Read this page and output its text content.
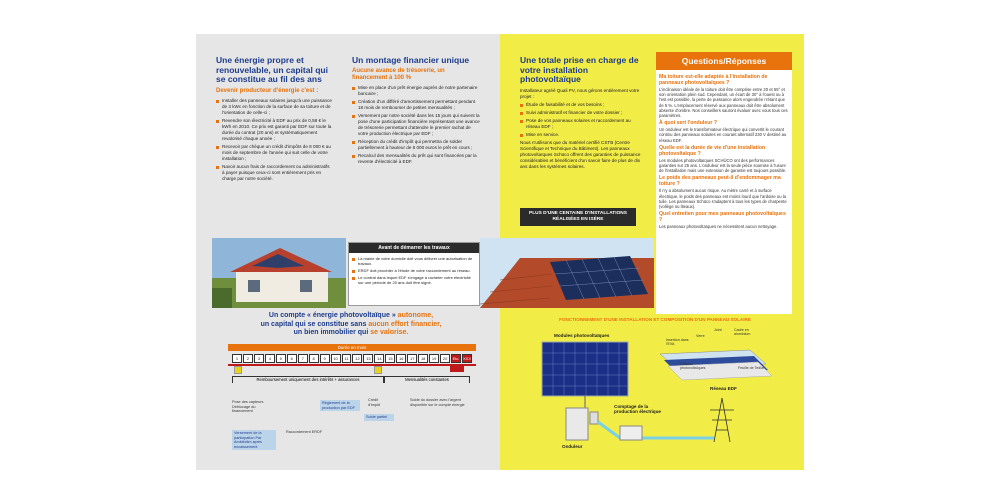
Une énergie propre et renouvelable, un capital qui se constitue au fil des ans

Devenir producteur d'énergie c'est :

Installer des panneaux solaires jusqu'à une puissance de 3 kWc en fonction de la surface de sa toiture et de l'orientation de celle-ci ;
Revendre son électricité à EDF au prix de 0,58 € le kWh en 2010. Ce prix est garanti par EDF sur toute la durée du contrat (20 ans) et systématiquement revalorisé chaque année ;
Recevoir par chèque un crédit d'impôts de 8 000 € au mois de septembre de l'année qui suit celle de votre installation ;
Navoir aucun frais de raccordement ou administratifs à payer puisque ceux-ci sont entièrement pris en charge par notre société.

Un montage financier unique

Aucune avance de trésorerie, un financement à 100 %

Mise en place d'un prêt énergie auprès de notre partenaire bancaire ;
Création d'un différé d'amortissement permettant pendant 18 mois de rembourser de petites mensualités ;
Versement par notre société dans les 15 jours qui suivent la pose d'une participation financière représentant une avance de trésorerie permettant d'attendre le premier rachat de votre production électrique par EDF ;
Réception du crédit d'impôt qui permettra de solder partiellement à hauteur de 8 000 euros le prêt en cours ;
Recalcul des mensualités du prêt qui sont financées par la revente d'électricité à EDF.
Avant de démarrer les travaux
La mairie de votre domicile doit vous délivrer une autorisation de travaux.
ERDF doit procéder à l'étude de votre raccordement au réseau.
Le contrat dans lequel EDF s'engage à racheter votre électricité sur une période de 20 ans doit être signé.
Un compte « énergie photovoltaïque » autonome,
un capital qui se constitue sans aucun effort financier,
un bien immobilier qui se valorise.
Durée en mois
1	2	3	4	5	6	7	8	9	10	11	12	13	14	15	16	17	18	19	20	Etc. XXX
Remboursement uniquement des intérêts + assurances	Mensualités constantes
Pose des capteurs Déblocage du financement
Versement de la participation Par Ambiéclim après encaissement
Raccordement ERDF
Règlement de la production par EDF
Crédit d'impôt
Solde partiel
Solde du dossier avec l'argent disponible sur le compte énergie

Une totale prise en charge de votre installation photovoltaïque

Installateur agréé Quali PV, nous gérons entièrement votre projet :

Étude de faisabilité et de vos besoins ;
Suivi administratif et financier de votre dossier ;
Pose de vos panneaux solaires et raccordement au réseau EDF ;
Mise en service.

Nous n'utilisons que du matériel certifié CSTB (Centre Scientifique et Technique du Bâtiment). Les panneaux photovoltaïques Schüco offrent des garanties de puissance considérables et bénéficient d'un savoir faire de plus de dix ans dans les systèmes solaires.

PLUS D'UNE CENTAINE D'INSTALLATIONS RÉALISÉES EN ISÈRE
Questions/Réponses

Ma toiture est-elle adaptée à l'installation de panneaux photovoltaïques ?

L'inclinaison idéale de la toiture doit être comprise entre 20 et 55° et son orientation plein sud. Cependant, un écart de 30° à l'ouest ou à l'est est possible, la perte de puissance alors engendrée n'étant que de 5 %. L'emplacement réservé aux panneaux doit être absolument absente d'ombre. Nos conseillers sauront évaluer avec vous tous ces paramètres.

À quoi sert l'onduleur ?

Un onduleur est le transformateur électrique qui convertit le courant continu des panneaux solaires en courant alternatif 230 V destiné au réseau EDF.

Quelle est la durée de vie d'une installation photovoltaïque ?

Les modules photovoltaïques SCHÜCO ont des performances garanties sur 25 ans. L'onduleur est la seule pièce soumise à l'usure de l'installation mais une extension de garantie est toujours possible.

Le poids des panneaux peut-il d'endommager ma toiture ?

Il n'y a absolument aucun risque. Au mètre carré et à surface électrique, le poids des panneaux est moins lourd que l'ardoise ou la tuile. Les panneaux Schüco s'adaptent à tous les types de charpente (voliège ou liteaux).

Quel entretien pour mes panneaux photovoltaïques ?

Les panneaux photovoltaïques ne nécessitent aucun nettoyage.

FONCTIONNEMENT D'UNE INSTALLATION ET COMPOSITION D'UN PANNEAU SOLAIRE
Modules photovoltaïques
Onduleur
Comptage de la production électrique
Réseau EDF
Joint	Cadre en aluminium
Verre
Insertion dans l'EVA
Cellules photovoltaïques	Feuille de Tedlar
